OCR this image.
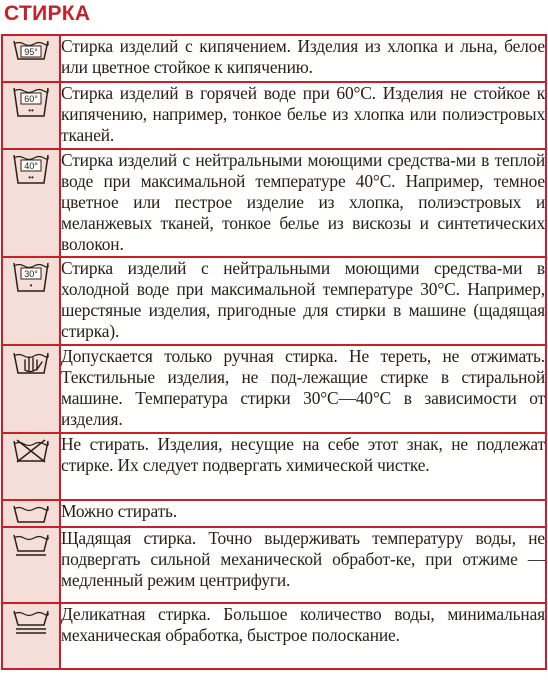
СТИРКА
95°	Стирка изделий с кипячением. Изделия из хлопка и льна, белое или цветное стойкое к кипячению.

60°
••	Стирка изделий в горячей воде при 60°C. Изделия не стойкое к кипячению, например, тонкое белье из хлопка или полиэстровых тканей.

40°
••	Стирка изделий с нейтральными моющими средства-ми в теплой воде при максимальной температуре 40°C. Например, темное цветное или пестрое изделие из хлопка, полиэстровых и меланжевых тканей, тонкое белье из вискозы и синтетических волокон.

30°
•	Стирка изделий с нейтральными моющими средства-ми в холодной воде при максимальной температуре 30°C. Например, шерстяные изделия, пригодные для стирки в машине (щадящая стирка).

	Допускается только ручная стирка. Не тереть, не отжимать. Текстильные изделия, не под-лежащие стирке в стиральной машине. Температура стирки 30°C—40°C в зависимости от изделия.

	Не стирать. Изделия, несущие на себе этот знак, не подлежат стирке. Их следует подвергать химической чистке.

	Можно стирать.

	Щадящая стирка. Точно выдерживать температуру воды, не подвергать сильной механической обработ-ке, при отжиме — медленный режим центрифуги.

	Деликатная стирка. Большое количество воды, минимальная механическая обработка, быстрое полоскание.
